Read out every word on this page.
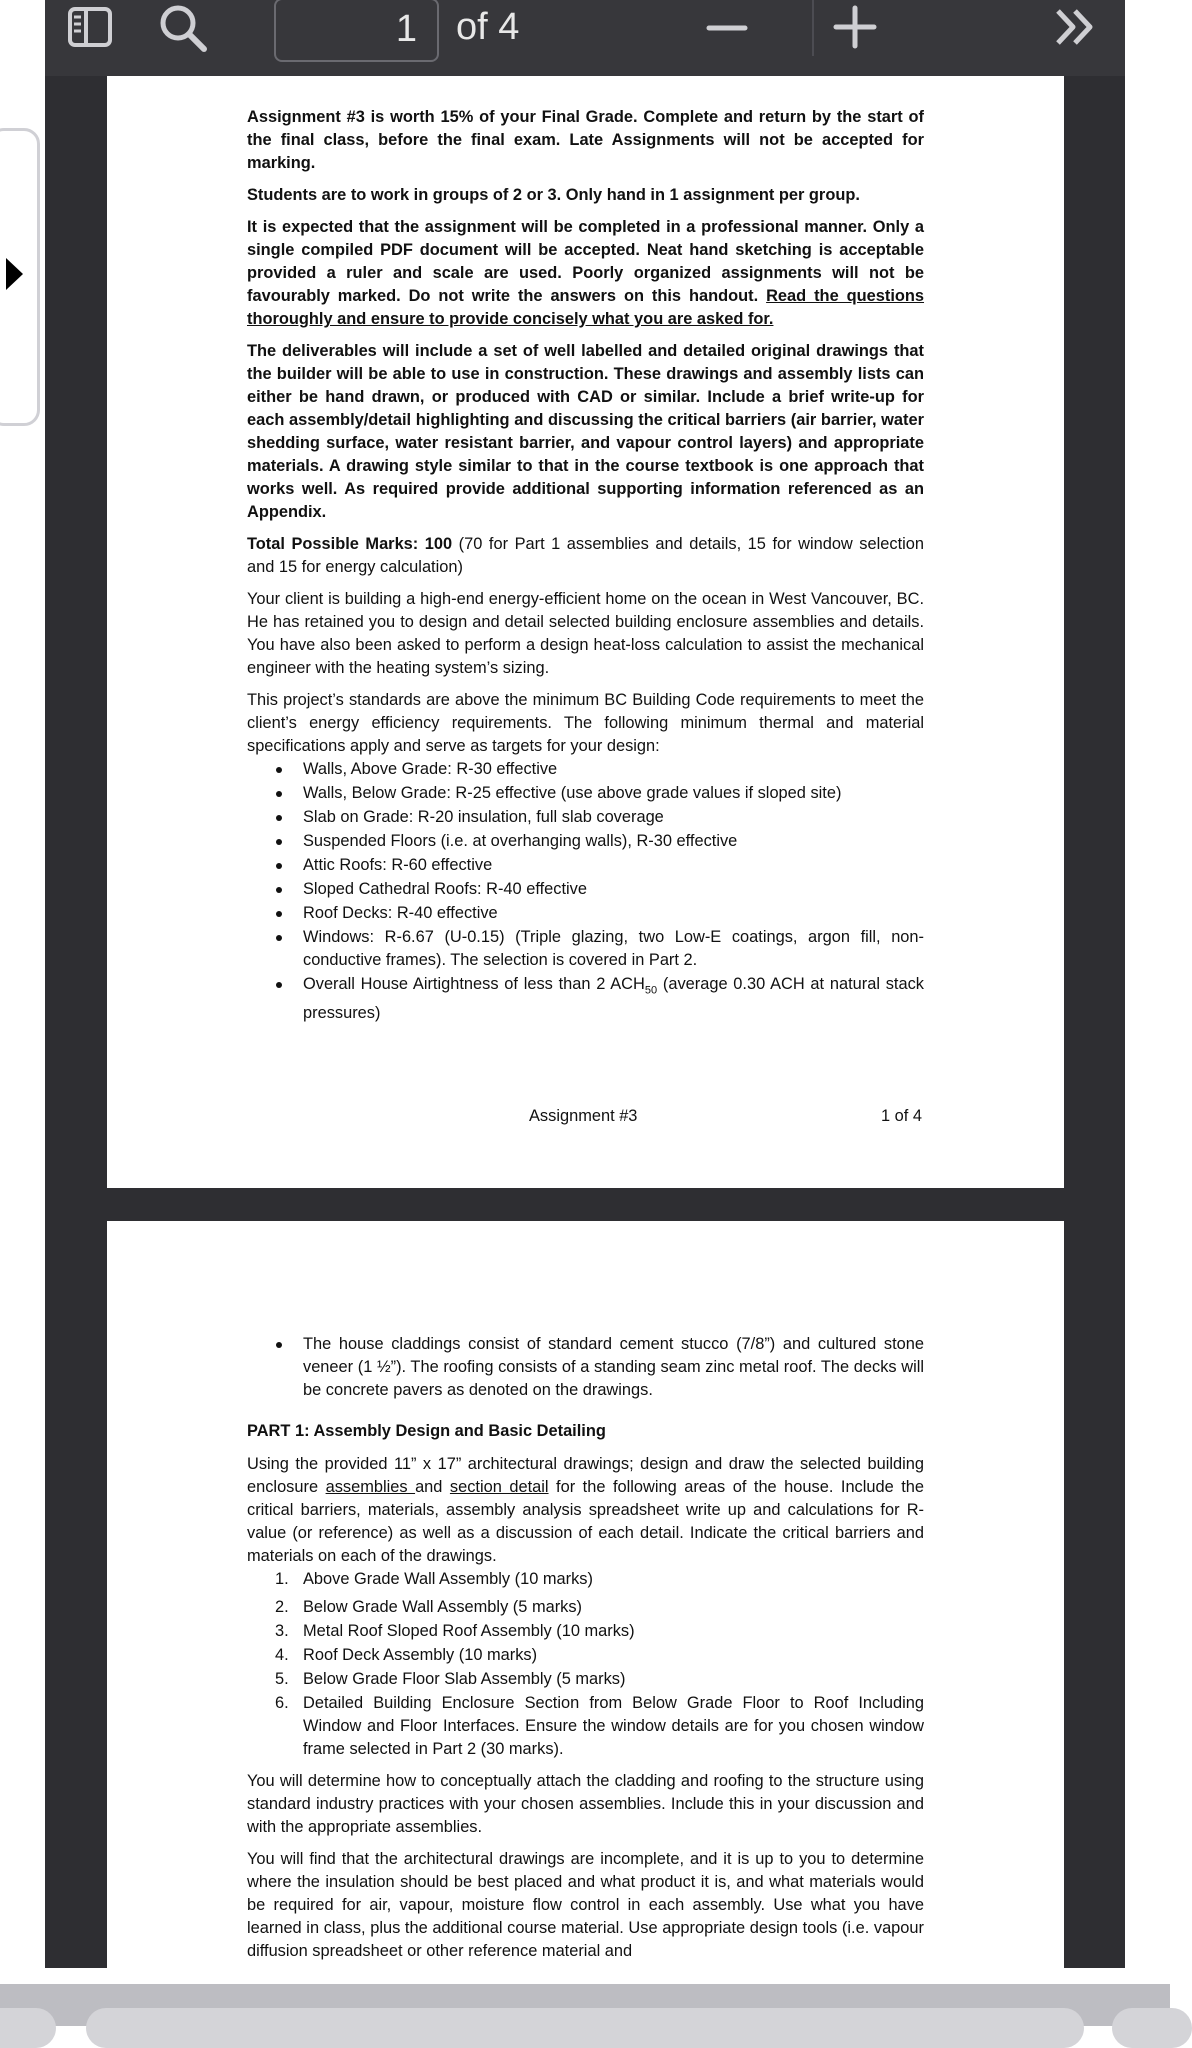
1	of 4

Assignment #3 is worth 15% of your Final Grade. Complete and return by the start of the final class, before the final exam. Late Assignments will not be accepted for marking.

Students are to work in groups of 2 or 3. Only hand in 1 assignment per group.

It is expected that the assignment will be completed in a professional manner. Only a single compiled PDF document will be accepted. Neat hand sketching is acceptable provided a ruler and scale are used. Poorly organized assignments will not be favourably marked. Do not write the answers on this handout. Read the questions thoroughly and ensure to provide concisely what you are asked for.

The deliverables will include a set of well labelled and detailed original drawings that the builder will be able to use in construction. These drawings and assembly lists can either be hand drawn, or produced with CAD or similar. Include a brief write-up for each assembly/detail highlighting and discussing the critical barriers (air barrier, water shedding surface, water resistant barrier, and vapour control layers) and appropriate materials. A drawing style similar to that in the course textbook is one approach that works well. As required provide additional supporting information referenced as an Appendix.

Total Possible Marks: 100 (70 for Part 1 assemblies and details, 15 for window selection and 15 for energy calculation)

Your client is building a high-end energy-efficient home on the ocean in West Vancouver, BC. He has retained you to design and detail selected building enclosure assemblies and details. You have also been asked to perform a design heat-loss calculation to assist the mechanical engineer with the heating system’s sizing.

This project’s standards are above the minimum BC Building Code requirements to meet the client’s energy efficiency requirements. The following minimum thermal and material specifications apply and serve as targets for your design:

Walls, Above Grade: R-30 effective
Walls, Below Grade: R-25 effective (use above grade values if sloped site)
Slab on Grade: R-20 insulation, full slab coverage
Suspended Floors (i.e. at overhanging walls), R-30 effective
Attic Roofs: R-60 effective
Sloped Cathedral Roofs: R-40 effective
Roof Decks: R-40 effective
Windows: R-6.67 (U-0.15) (Triple glazing, two Low-E coatings, argon fill, non-conductive frames). The selection is covered in Part 2.
Overall House Airtightness of less than 2 $ACH_{50}$ (average 0.30 ACH at natural stack pressures)
Assignment #3	1 of 4
The house claddings consist of standard cement stucco (7/8”) and cultured stone veneer (1 ½”). The roofing consists of a standing seam zinc metal roof. The decks will be concrete pavers as denoted on the drawings.

PART 1: Assembly Design and Basic Detailing

Using the provided 11” x 17” architectural drawings; design and draw the selected building enclosure assemblies and section detail for the following areas of the house. Include the critical barriers, materials, assembly analysis spreadsheet write up and calculations for R-value (or reference) as well as a discussion of each detail. Indicate the critical barriers and materials on each of the drawings.

1. Above Grade Wall Assembly (10 marks)
2. Below Grade Wall Assembly (5 marks)
3. Metal Roof Sloped Roof Assembly (10 marks)
4. Roof Deck Assembly (10 marks)
5. Below Grade Floor Slab Assembly (5 marks)
6. Detailed Building Enclosure Section from Below Grade Floor to Roof Including Window and Floor Interfaces. Ensure the window details are for you chosen window frame selected in Part 2 (30 marks).

You will determine how to conceptually attach the cladding and roofing to the structure using standard industry practices with your chosen assemblies. Include this in your discussion and with the appropriate assemblies.

You will find that the architectural drawings are incomplete, and it is up to you to determine where the insulation should be best placed and what product it is, and what materials would be required for air, vapour, moisture flow control in each assembly. Use what you have learned in class, plus the additional course material. Use appropriate design tools (i.e. vapour diffusion spreadsheet or other reference material and
